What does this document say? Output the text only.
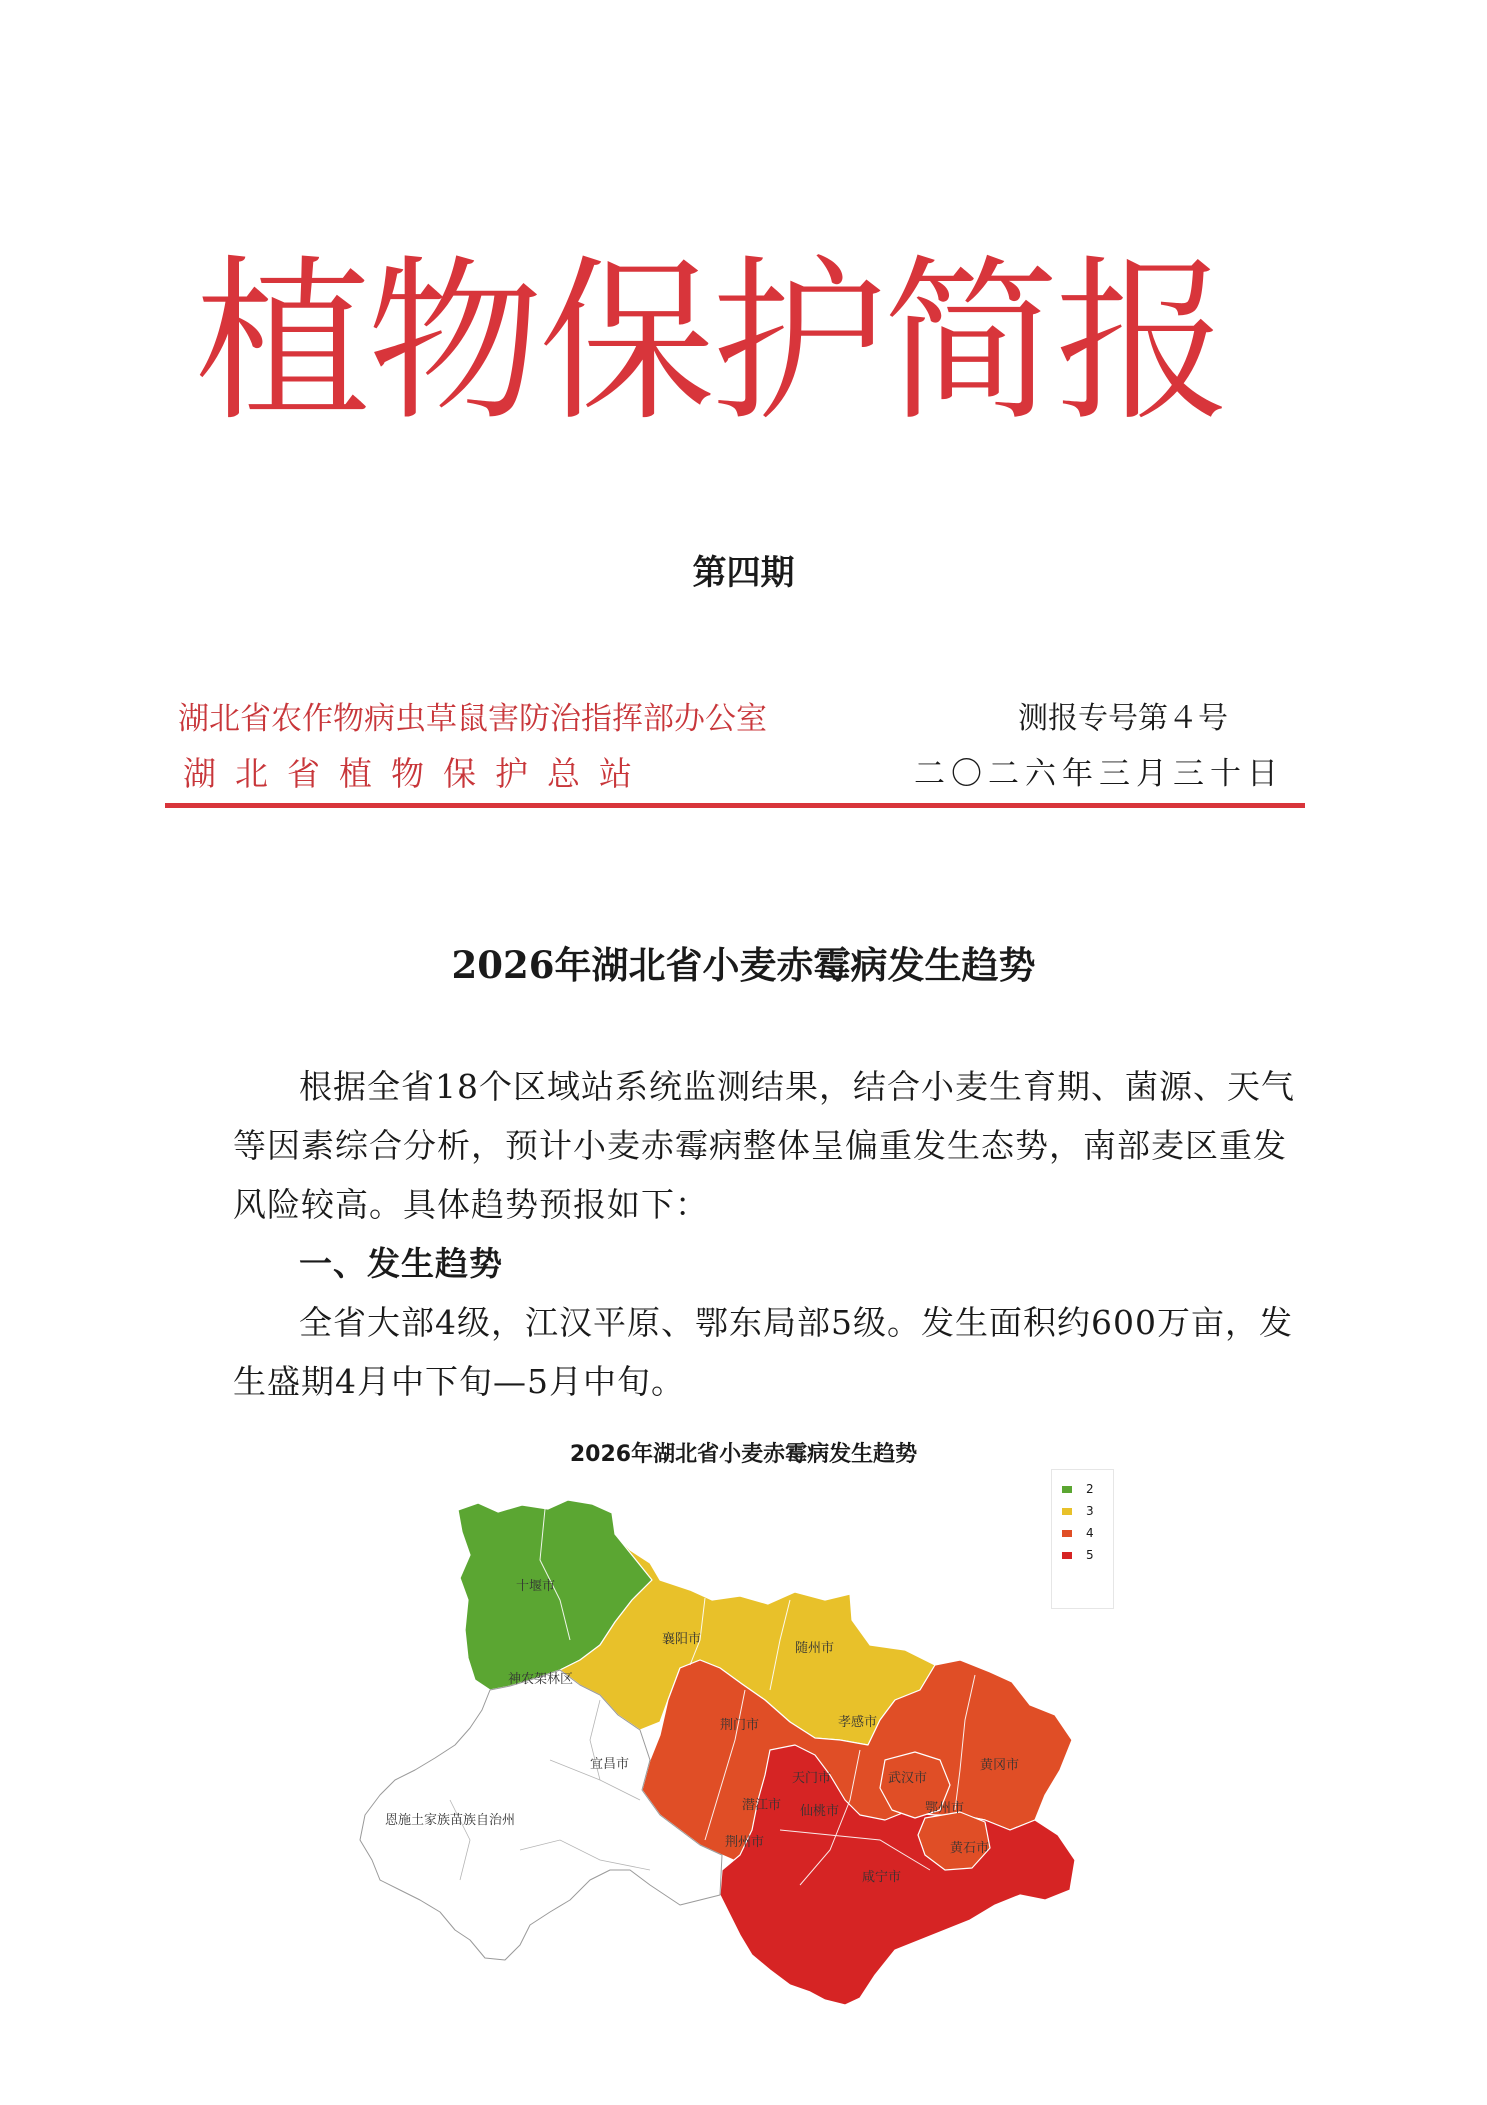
植物保护简报
第四期
湖北省农作物病虫草鼠害防治指挥部办公室
湖北省植物保护总站
测报专号第４号
二〇二六年三月三十日
2026年湖北省小麦赤霉病发生趋势

根据全省18个区域站系统监测结果，结合小麦生育期、菌源、天气等因素综合分析，预计小麦赤霉病整体呈偏重发生态势，南部麦区重发风险较高。具体趋势预报如下：

一、发生趋势

全省大部4级，江汉平原、鄂东局部5级。发生面积约600万亩，发生盛期4月中下旬—5月中旬。

2026年湖北省小麦赤霉病发生趋势
2
3
4
5
十堰市
襄阳市
随州市
神农架林区
荆门市	孝感市
宜昌市
天门市	武汉市
黄冈市
潜江市 仙桃市	鄂州市
恩施土家族苗族自治州
荆州市	黄石市
咸宁市
